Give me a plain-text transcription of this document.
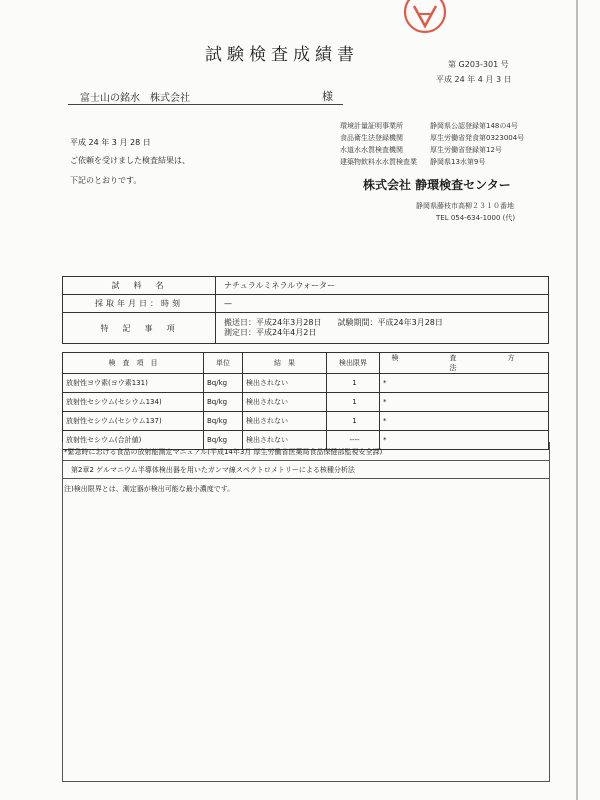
試験検査成績書	第 G203-301 号
平成 24 年 4 月 3 日
富士山の銘水　株式会社	様
環境計量証明事業所	静岡県公認登録第148の4号
食品衛生法登録機関	厚生労働省発食第0323004号
水道水水質検査機関	厚生労働省登録第12号
建築物飲料水水質検査業 静岡県13水第9号
平成 24 年 3 月 28 日
ご依頼を受けました検査結果は、
下記のとおりです。	株式会社 静環検査センター
静岡県藤枝市高柳２３１０番地
TEL 054-634-1000 (代)
試　料　名	ナチュラルミネラルウォーター
採取年月日：時刻	—
特　記　事　項	搬送日：平成24年3月28日　　試験期間：平成24年3月28日
測定日：平成24年4月2日
検　査　項　目	単位	結　果	検出限界	検　査　方　法
放射性ヨウ素(ヨウ素131)	Bq/kg	検出されない	1	*
放射性セシウム(セシウム134)	Bq/kg	検出されない	1	*
放射性セシウム(セシウム137)	Bq/kg	検出されない	1	*
放射性セシウム(合計値)	Bq/kg	検出されない	----	*
*緊急時における食品の放射能測定マニュアル(平成14年3月 厚生労働省医薬局食品保健部監視安全課)
　第2章2 ゲルマニウム半導体検出器を用いたガンマ線スペクトロメトリーによる核種分析法
注)検出限界とは、測定器が検出可能な最小濃度です。
